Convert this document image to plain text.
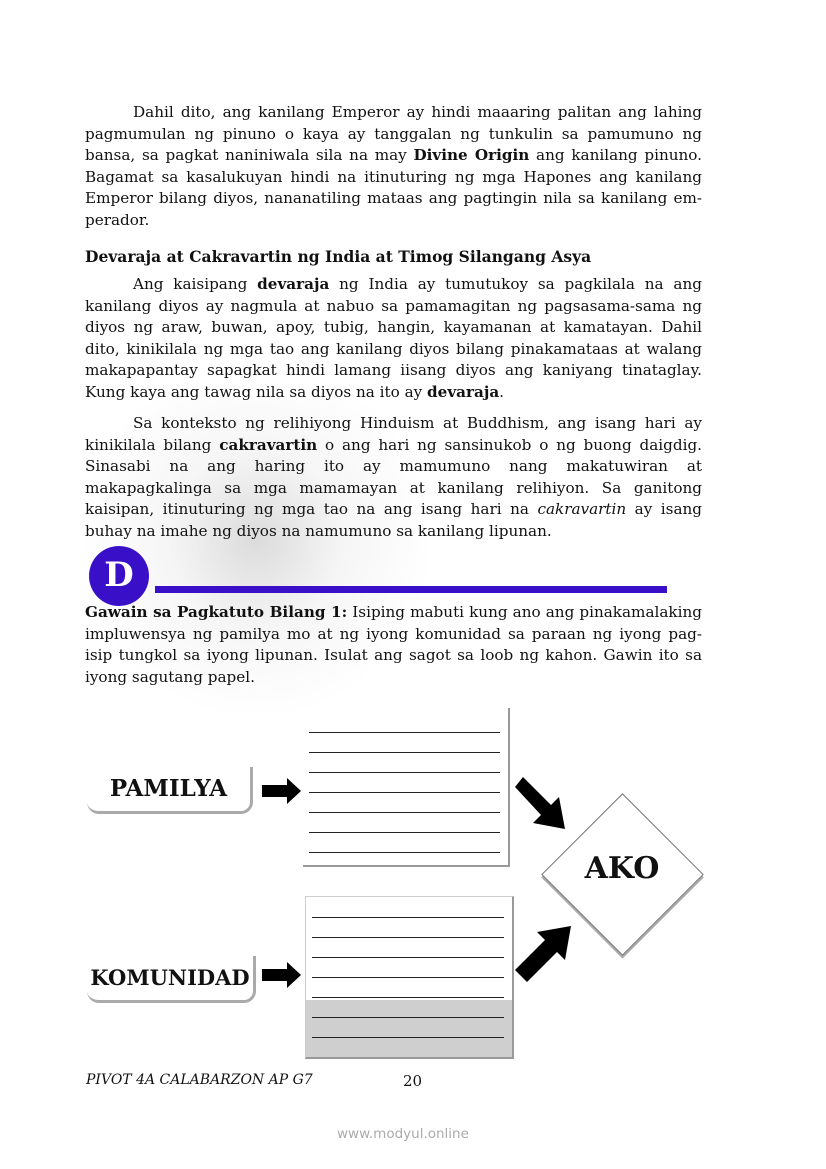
Dahil dito, ang kanilang Emperor ay hindi maaaring palitan ang lahing pagmumulan ng pinuno o kaya ay tanggalan ng tunkulin sa pamumuno ng bansa, sa pagkat naniniwala sila na may Divine Origin ang kanilang pinuno. Bagamat sa kasalukuyan hindi na itinuturing ng mga Hapones ang kanilang Emperor bilang diyos, nananatiling mataas ang pagtingin nila sa kanilang em-perador.

Devaraja at Cakravartin ng India at Timog Silangang Asya

Ang kaisipang devaraja ng India ay tumutukoy sa pagkilala na ang kanilang diyos ay nagmula at nabuo sa pamamagitan ng pagsasama-sama ng diyos ng araw, buwan, apoy, tubig, hangin, kayamanan at kamatayan. Dahil dito, kinikilala ng mga tao ang kanilang diyos bilang pinakamataas at walang makapapantay sapagkat hindi lamang iisang diyos ang kaniyang tinataglay. Kung kaya ang tawag nila sa diyos na ito ay devaraja.

Sa konteksto ng relihiyong Hinduism at Buddhism, ang isang hari ay kinikilala bilang cakravartin o ang hari ng sansinukob o ng buong daigdig. Sinasabi na ang haring ito ay mamumuno nang makatuwiran at makapagkalinga sa mga mamamayan at kanilang relihiyon. Sa ganitong kaisipan, itinuturing ng mga tao na ang isang hari na cakravartin ay isang buhay na imahe ng diyos na namumuno sa kanilang lipunan.

D

Gawain sa Pagkatuto Bilang 1: Isiping mabuti kung ano ang pinakamalaking impluwensya ng pamilya mo at ng iyong komunidad sa paraan ng iyong pag-isip tungkol sa iyong lipunan. Isulat ang sagot sa loob ng kahon. Gawin ito sa iyong sagutang papel.

PAMILYA
AKO
KOMUNIDAD
PIVOT 4A CALABARZON AP G7	20
www.modyul.online
